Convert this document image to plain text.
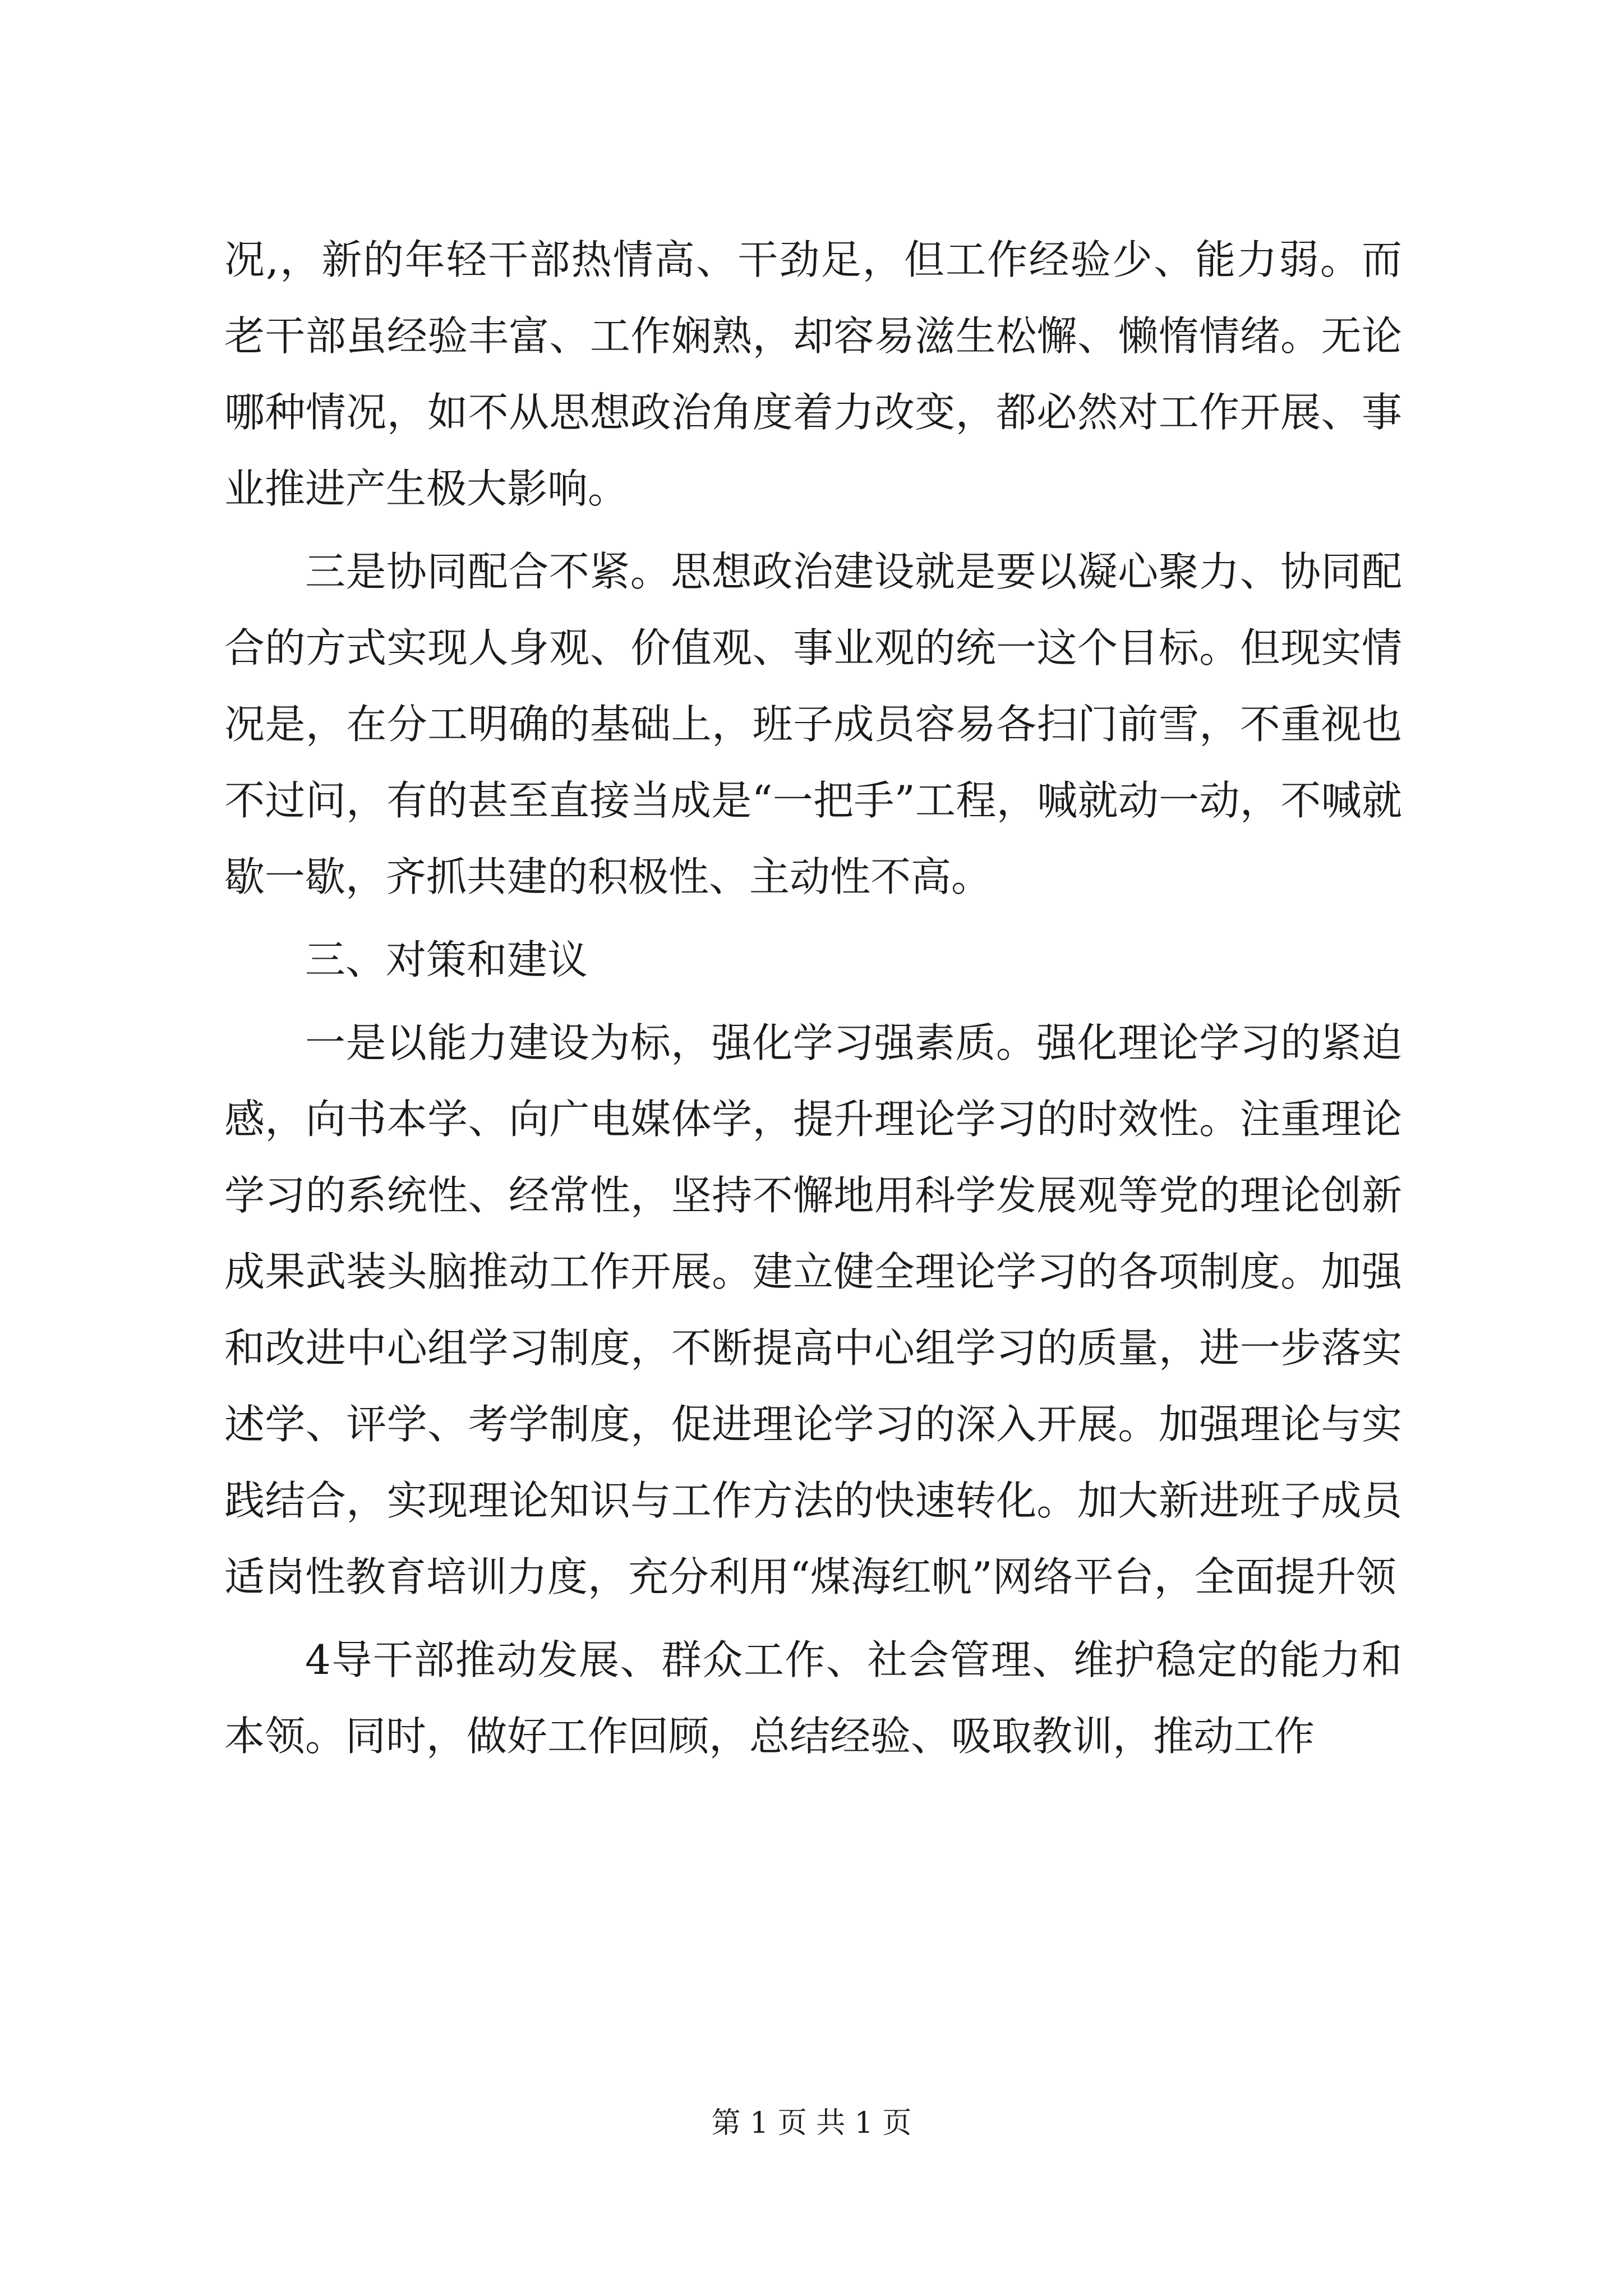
况,，新的年轻干部热情高、干劲足，但工作经验少、能力弱。而老干部虽经验丰富、工作娴熟，却容易滋生松懈、懒惰情绪。无论哪种情况，如不从思想政治角度着力改变，都必然对工作开展、事业推进产生极大影响。

三是协同配合不紧。思想政治建设就是要以凝心聚力、协同配合的方式实现人身观、价值观、事业观的统一这个目标。但现实情况是，在分工明确的基础上，班子成员容易各扫门前雪，不重视也不过问，有的甚至直接当成是“一把手”工程，喊就动一动，不喊就歇一歇，齐抓共建的积极性、主动性不高。

三、对策和建议

一是以能力建设为标，强化学习强素质。强化理论学习的紧迫感，向书本学、向广电媒体学，提升理论学习的时效性。注重理论学习的系统性、经常性，坚持不懈地用科学发展观等党的理论创新成果武装头脑推动工作开展。建立健全理论学习的各项制度。加强和改进中心组学习制度，不断提高中心组学习的质量，进一步落实述学、评学、考学制度，促进理论学习的深入开展。加强理论与实践结合，实现理论知识与工作方法的快速转化。加大新进班子成员适岗性教育培训力度，充分利用“煤海红帆”网络平台，全面提升领

4导干部推动发展、群众工作、社会管理、维护稳定的能力和本领。同时，做好工作回顾，总结经验、吸取教训，推动工作

第 1 页 共 1 页
